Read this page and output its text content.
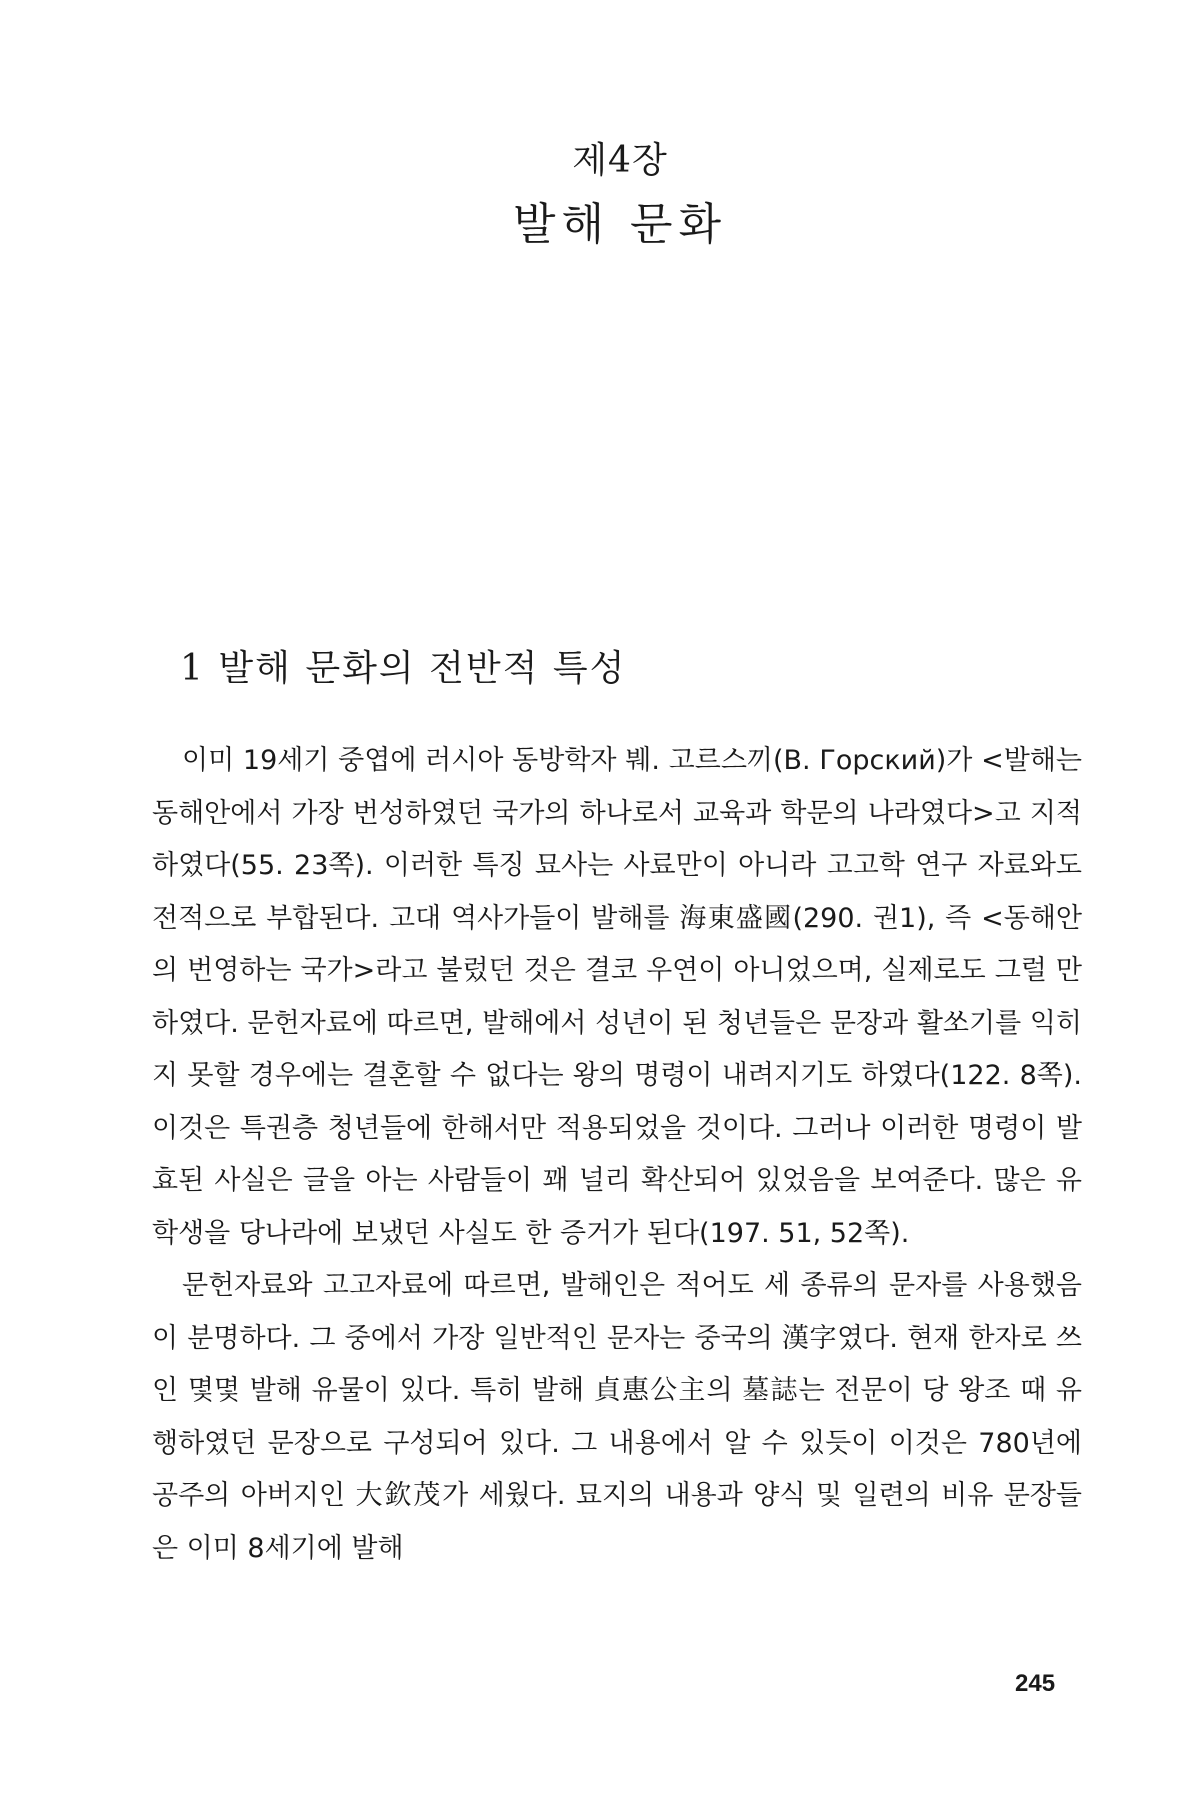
제4장
발해 문화
1 발해 문화의 전반적 특성

이미 19세기 중엽에 러시아 동방학자 붸. 고르스끼(В. Горский)가 <발해는 동해안에서 가장 번성하였던 국가의 하나로서 교육과 학문의 나라였다>고 지적하였다(55. 23쪽). 이러한 특징 묘사는 사료만이 아니라 고고학 연구 자료와도 전적으로 부합된다. 고대 역사가들이 발해를 海東盛國(290. 권1), 즉 <동해안의 번영하는 국가>라고 불렀던 것은 결코 우연이 아니었으며, 실제로도 그럴 만하였다. 문헌자료에 따르면, 발해에서 성년이 된 청년들은 문장과 활쏘기를 익히지 못할 경우에는 결혼할 수 없다는 왕의 명령이 내려지기도 하였다(122. 8쪽). 이것은 특권층 청년들에 한해서만 적용되었을 것이다. 그러나 이러한 명령이 발효된 사실은 글을 아는 사람들이 꽤 널리 확산되어 있었음을 보여준다. 많은 유학생을 당나라에 보냈던 사실도 한 증거가 된다(197. 51, 52쪽).

문헌자료와 고고자료에 따르면, 발해인은 적어도 세 종류의 문자를 사용했음이 분명하다. 그 중에서 가장 일반적인 문자는 중국의 漢字였다. 현재 한자로 쓰인 몇몇 발해 유물이 있다. 특히 발해 貞惠公主의 墓誌는 전문이 당 왕조 때 유행하였던 문장으로 구성되어 있다. 그 내용에서 알 수 있듯이 이것은 780년에 공주의 아버지인 大欽茂가 세웠다. 묘지의 내용과 양식 및 일련의 비유 문장들은 이미 8세기에 발해

245
